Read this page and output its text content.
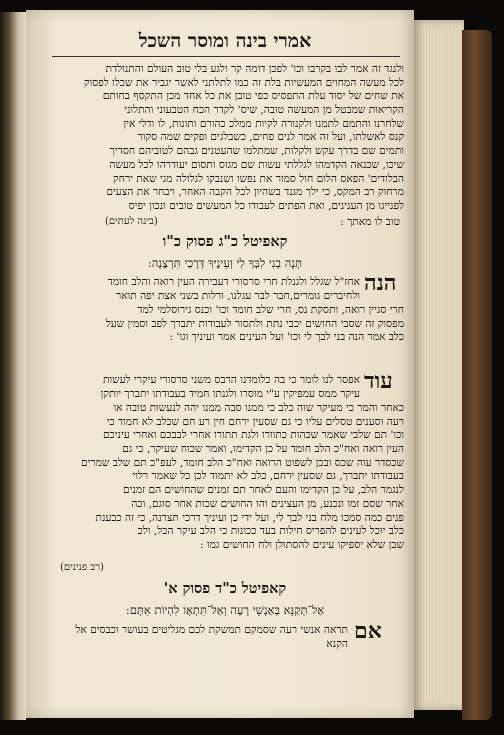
אמרי בינה ומוסר השכל
ולנגד זה אמר לבו בקרבו וכו' לפכן דומה קר ולגע בלי טוב העולם והתנולדת
לכל מעשה המחוים המעשיות בלת זה כמו לתלתני לאשר יגביר את שכלו לפסוק
את שחים של יסוד עלת התפסיס כפי טובן את כל אחד מכן התקסף בחותם
הקריאות שמבטל מן המעשה טובה, שיס' לקדר הכח הטבעוני והתלוני
שלחרנו והתמם לתמנו ולקנורה לקיות ממלכ כהורם ותונות, לו ודלי אין
קנס לאשלתו, ועל זה אמר לנים פחים, כשבלגים ופקים שמה סקור
ותמים שם בדרך עקש ולקלות, שמתלמו שהעטנים גבהם לטוביהם חסדיך
שיכו, שכנאה הקדמהו לגללתי עשות שם מגוס ותסום יעודרהו לכל מעשה
הבלודים' הפאס הלום חול סמור את נפשו ושנבקו לגלולה מגי שאת ירחק
מרחוק רב המקס, כי ילך מגנד בשהיון לכל הקבה האחר, ויבחר את הצעים
לפנייגו מן הענינים, ואת הפתים לעבודו כל המעשים טובים ונכון יפיס
טוב לו מאתך :
(בינה לעתים)
קאפיטל כ"ג פסוק כ"ו
תְּנָה בְנִי לִבְּךָ לִי וְעֵינֶיךָ דְּרָכַי תִּרְצֶנָה:
הנה
אחז"ל שגלל ולגנלת חרי סרסורי דעבירה העין רואה והלב חומד
ולחיברים גומרים,חבר לבר עגלנו, ורלות בשני אצת יפה תואר
חרי סגיין רואה, ותסקת נס, חרי שלב חומד וכו' וכנס גירוסלמי למד
מפסוק זה שסבי החושים יכבי נתת ולתסור לעבודות יתברך לפב וסמין שעל
כלב אמר הנה בני לבך לי וכו' ועל העינים אמר ועיניך וגו' :
עוד
אפסר לנו לומר כי בה כלומדנו הרבס משני סרסורי עיקרי לעשות
עיקר ממס עמפיקין ע"י מוסרו ולגנתו חמיד בעבודתו יתברך יותקן
כאחר והמר כי מעיקר שוה כלב כי ממנו סבה ממנו יהה לנעשות טובה או
רעה וסענים טסלים עליו כי גם שסעין ירחם חין רע חם שכלב לא חמוד כי
וכו' תם שלבי שאמר שכהות כתוורו ולגת תתורו אחרי לבבכם ואחרי עיניכם
העין רואה ואח"כ הלב חומד על כן הקדימו, ואמר שכוח שעיקר, כי גם
שכסדר עוה שכס ובכן לשפוט הרואה ואח"כ הלב חומד, לעפ"כ תם שלב שמרים
בעבודתו יתברך, גם שסעין ירחם, כלב לא יתמוד לכן כל שאמר רלוי
לנגמר הלב, על כן הקדימו והעם לאחר תם זמנים שהחושים הם זמנים
אחר שסם זמו ונכנע, מן העצינים והו החושים שכות אחר סוגם, וכה
פנים כמה סמכו מלח בני לבך לי, ועל ידי כן ועיניך דרכי תצרנה, כי זה כבענת
כלב יוכל לעינים להפריס חילות בעד ככונות כי הלב עיקר הכל, ולכ
שבן שלא יספיקו עינים להסתולן ולח החושים גמו :
(רב פנינים)
קאפיטל כ"ד פסוק א'
אַל־תְּקַנֵּא בְּאַנְשֵׁי רָעָה וְאַל־תִּתְאָו לִהְיוֹת אִתָּם:
אם
תראה אנשי רעה שסמקם תמשקת לכם מגליטים בעושר וכבסים אל
הקנא
